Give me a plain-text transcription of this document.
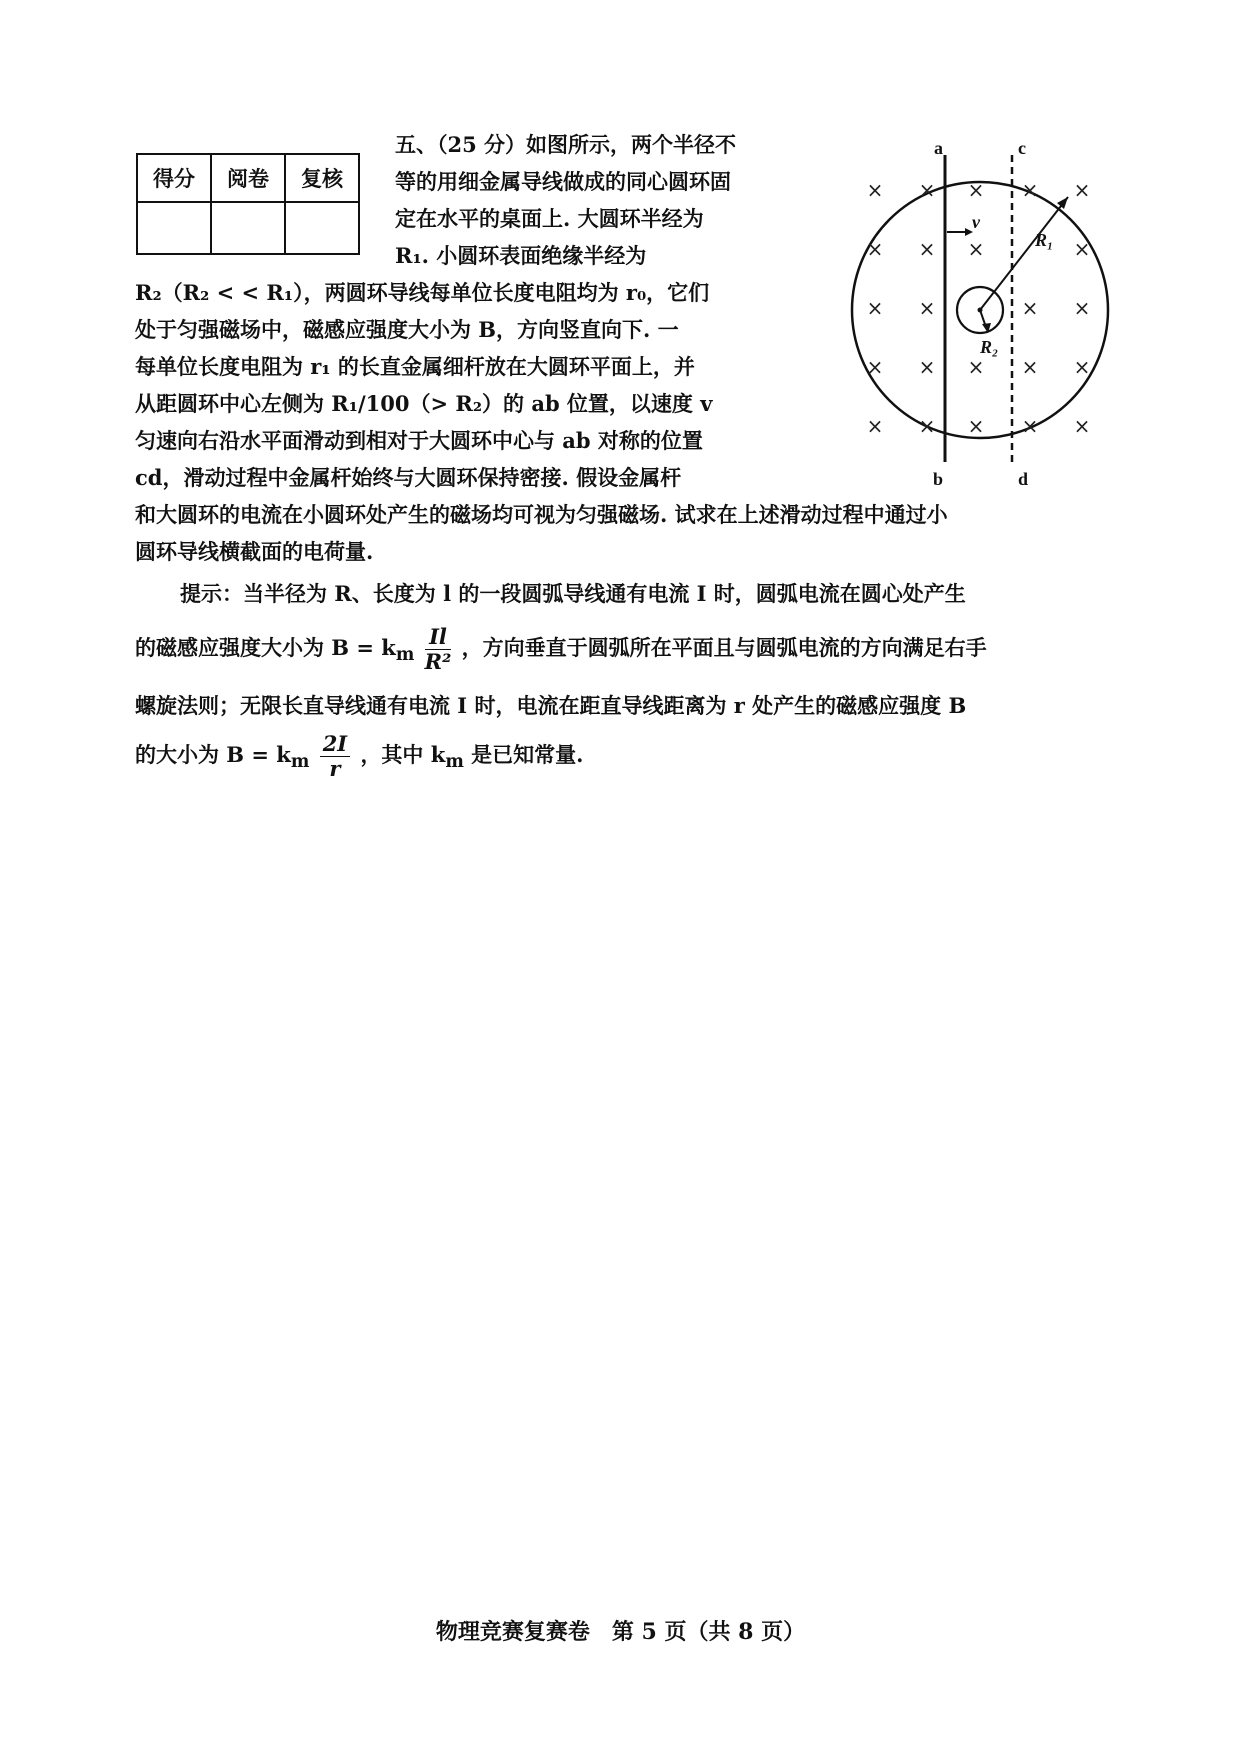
得分	阅卷	复核

五、（25 分）如图所示，两个半径不
等的用细金属导线做成的同心圆环固
定在水平的桌面上. 大圆环半经为
R₁. 小圆环表面绝缘半经为
R₂（R₂ < < R₁），两圆环导线每单位长度电阻均为 r₀，它们
处于匀强磁场中，磁感应强度大小为 B，方向竖直向下. 一
每单位长度电阻为 r₁ 的长直金属细杆放在大圆环平面上，并
从距圆环中心左侧为 R₁/100（> R₂）的 ab 位置，以速度 v
匀速向右沿水平面滑动到相对于大圆环中心与 ab 对称的位置
cd，滑动过程中金属杆始终与大圆环保持密接. 假设金属杆
和大圆环的电流在小圆环处产生的磁场均可视为匀强磁场. 试求在上述滑动过程中通过小
圆环导线横截面的电荷量.
提示：当半径为 R、长度为 l 的一段圆弧导线通有电流 I 时，圆弧电流在圆心处产生
的磁感应强度大小为 $B = k_m \frac{Il}{\text{R²}}$ ，方向垂直于圆弧所在平面且与圆弧电流的方向满足右手
螺旋法则；无限长直导线通有电流 I 时，电流在距直导线距离为 r 处产生的磁感应强度 B
的大小为 $B = k_m \frac{2I}{r}$ ，其中 $k_m$ 是已知常量.
a	c
b	d
v
R₁
R₂
× × × × ×
× × ×	×
× ×	× ×
× × × × ×
× × × × ×
物理竞赛复赛卷　第 5 页（共 8 页）
